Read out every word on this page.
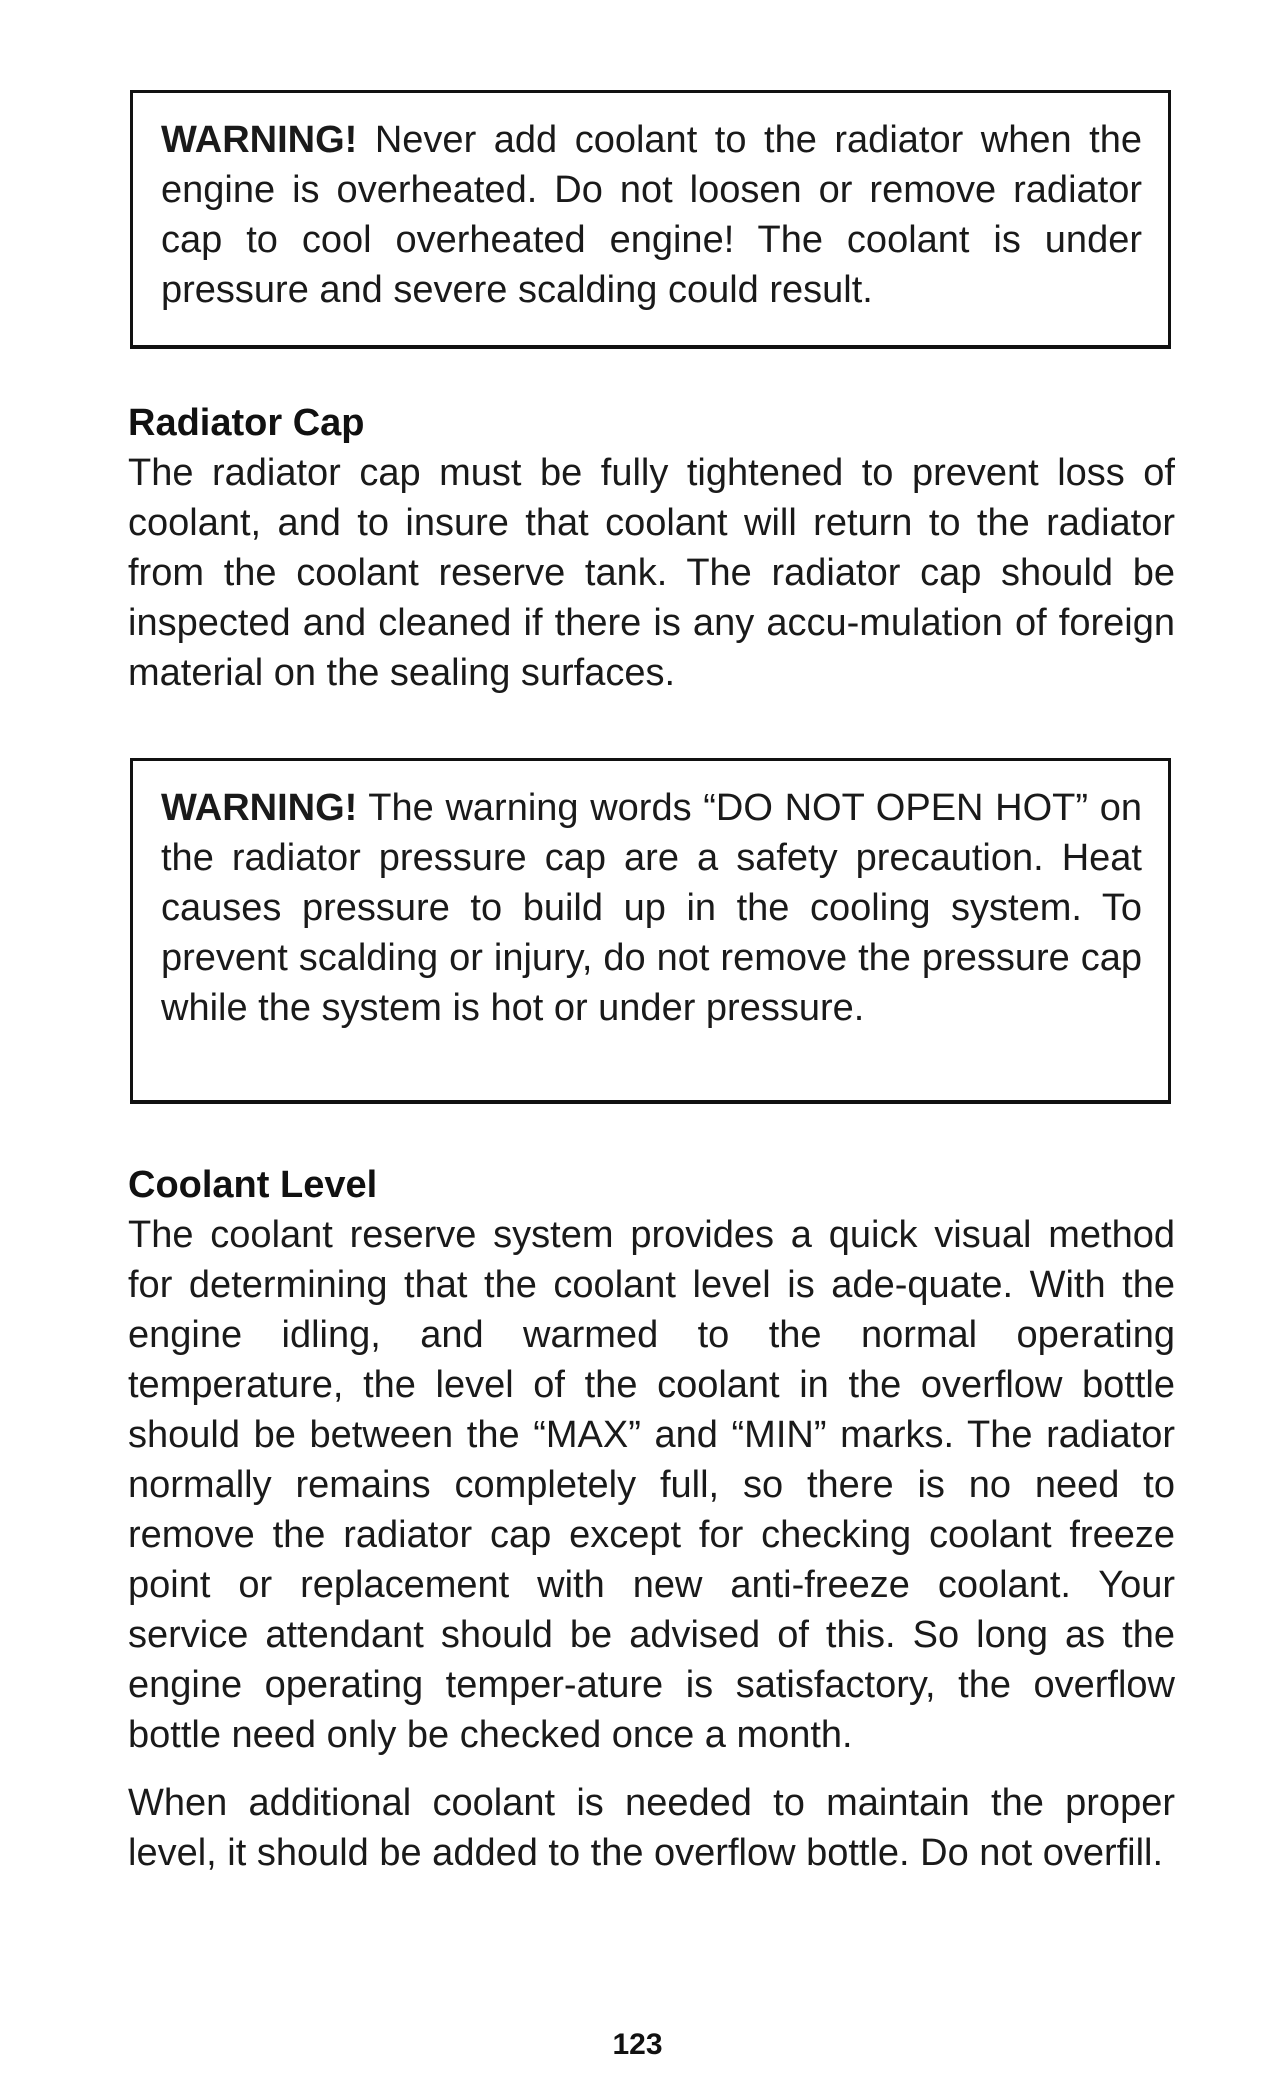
WARNING! Never add coolant to the radiator when the engine is overheated. Do not loosen or remove radiator cap to cool overheated engine! The coolant is under pressure and severe scalding could result.
Radiator Cap

The radiator cap must be fully tightened to prevent loss of coolant, and to insure that coolant will return to the radiator from the coolant reserve tank. The radiator cap should be inspected and cleaned if there is any accu-mulation of foreign material on the sealing surfaces.

WARNING! The warning words “DO NOT OPEN HOT” on the radiator pressure cap are a safety precaution. Heat causes pressure to build up in the cooling system. To prevent scalding or injury, do not remove the pressure cap while the system is hot or under pressure.
Coolant Level

The coolant reserve system provides a quick visual method for determining that the coolant level is ade-quate. With the engine idling, and warmed to the normal operating temperature, the level of the coolant in the overflow bottle should be between the “MAX” and “MIN” marks. The radiator normally remains completely full, so there is no need to remove the radiator cap except for checking coolant freeze point or replacement with new anti-freeze coolant. Your service attendant should be advised of this. So long as the engine operating temper-ature is satisfactory, the overflow bottle need only be checked once a month.

When additional coolant is needed to maintain the proper level, it should be added to the overflow bottle. Do not overfill.

123
